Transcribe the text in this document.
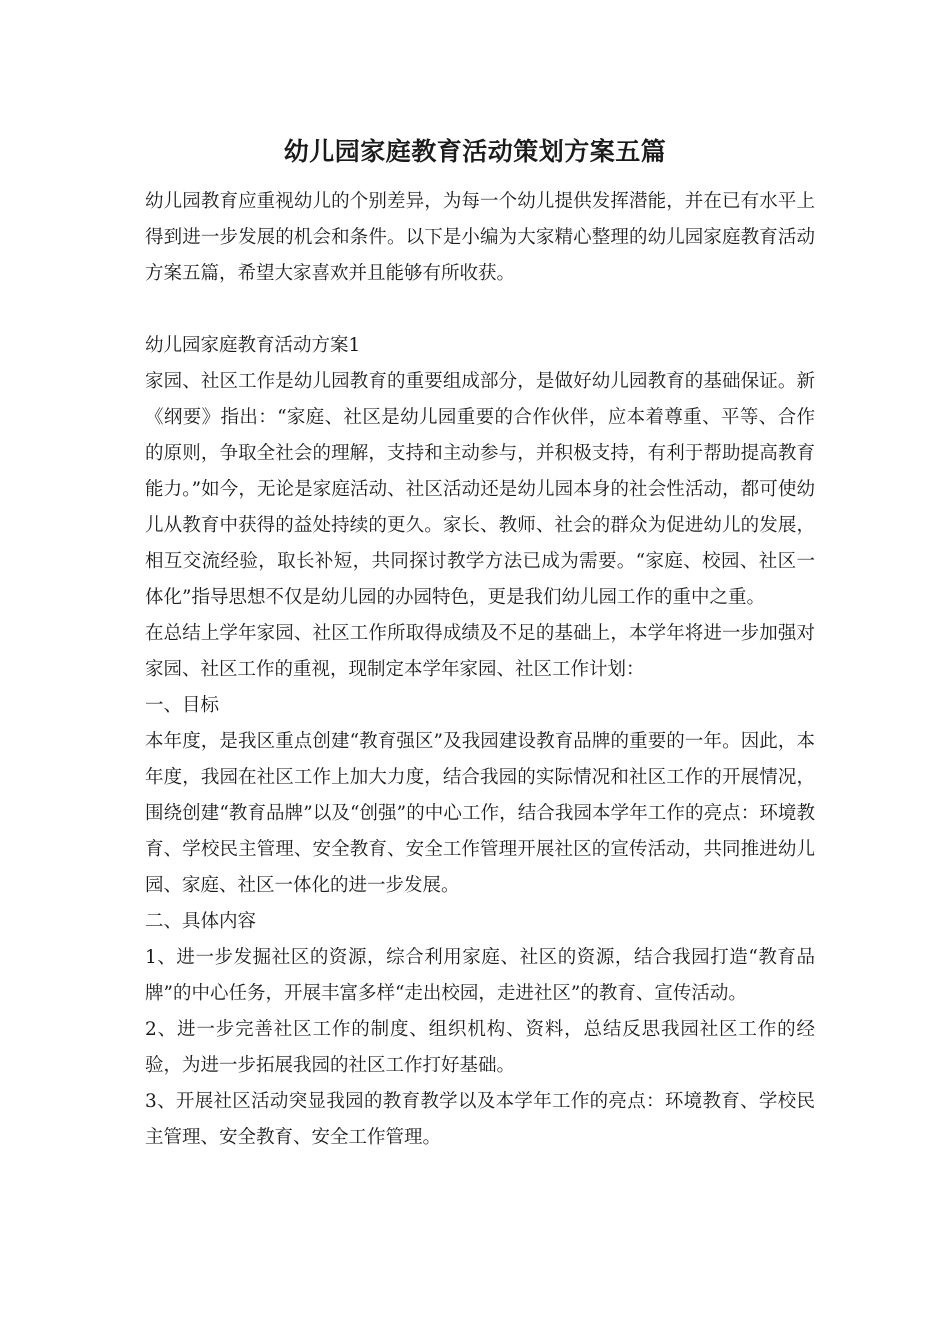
幼儿园家庭教育活动策划方案五篇

幼儿园教育应重视幼儿的个别差异，为每一个幼儿提供发挥潜能，并在已有水平上得到进一步发展的机会和条件。以下是小编为大家精心整理的幼儿园家庭教育活动方案五篇，希望大家喜欢并且能够有所收获。

幼儿园家庭教育活动方案1

家园、社区工作是幼儿园教育的重要组成部分，是做好幼儿园教育的基础保证。新《纲要》指出：“家庭、社区是幼儿园重要的合作伙伴，应本着尊重、平等、合作的原则，争取全社会的理解，支持和主动参与，并积极支持，有利于帮助提高教育能力。”如今，无论是家庭活动、社区活动还是幼儿园本身的社会性活动，都可使幼儿从教育中获得的益处持续的更久。家长、教师、社会的群众为促进幼儿的发展，相互交流经验，取长补短，共同探讨教学方法已成为需要。“家庭、校园、社区一体化”指导思想不仅是幼儿园的办园特色，更是我们幼儿园工作的重中之重。

在总结上学年家园、社区工作所取得成绩及不足的基础上，本学年将进一步加强对家园、社区工作的重视，现制定本学年家园、社区工作计划：

一、目标

本年度，是我区重点创建“教育强区”及我园建设教育品牌的重要的一年。因此，本年度，我园在社区工作上加大力度，结合我园的实际情况和社区工作的开展情况，围绕创建“教育品牌”以及“创强”的中心工作，结合我园本学年工作的亮点：环境教育、学校民主管理、安全教育、安全工作管理开展社区的宣传活动，共同推进幼儿园、家庭、社区一体化的进一步发展。

二、具体内容

1、进一步发掘社区的资源，综合利用家庭、社区的资源，结合我园打造“教育品牌”的中心任务，开展丰富多样“走出校园，走进社区”的教育、宣传活动。

2、进一步完善社区工作的制度、组织机构、资料，总结反思我园社区工作的经验，为进一步拓展我园的社区工作打好基础。

3、开展社区活动突显我园的教育教学以及本学年工作的亮点：环境教育、学校民主管理、安全教育、安全工作管理。
